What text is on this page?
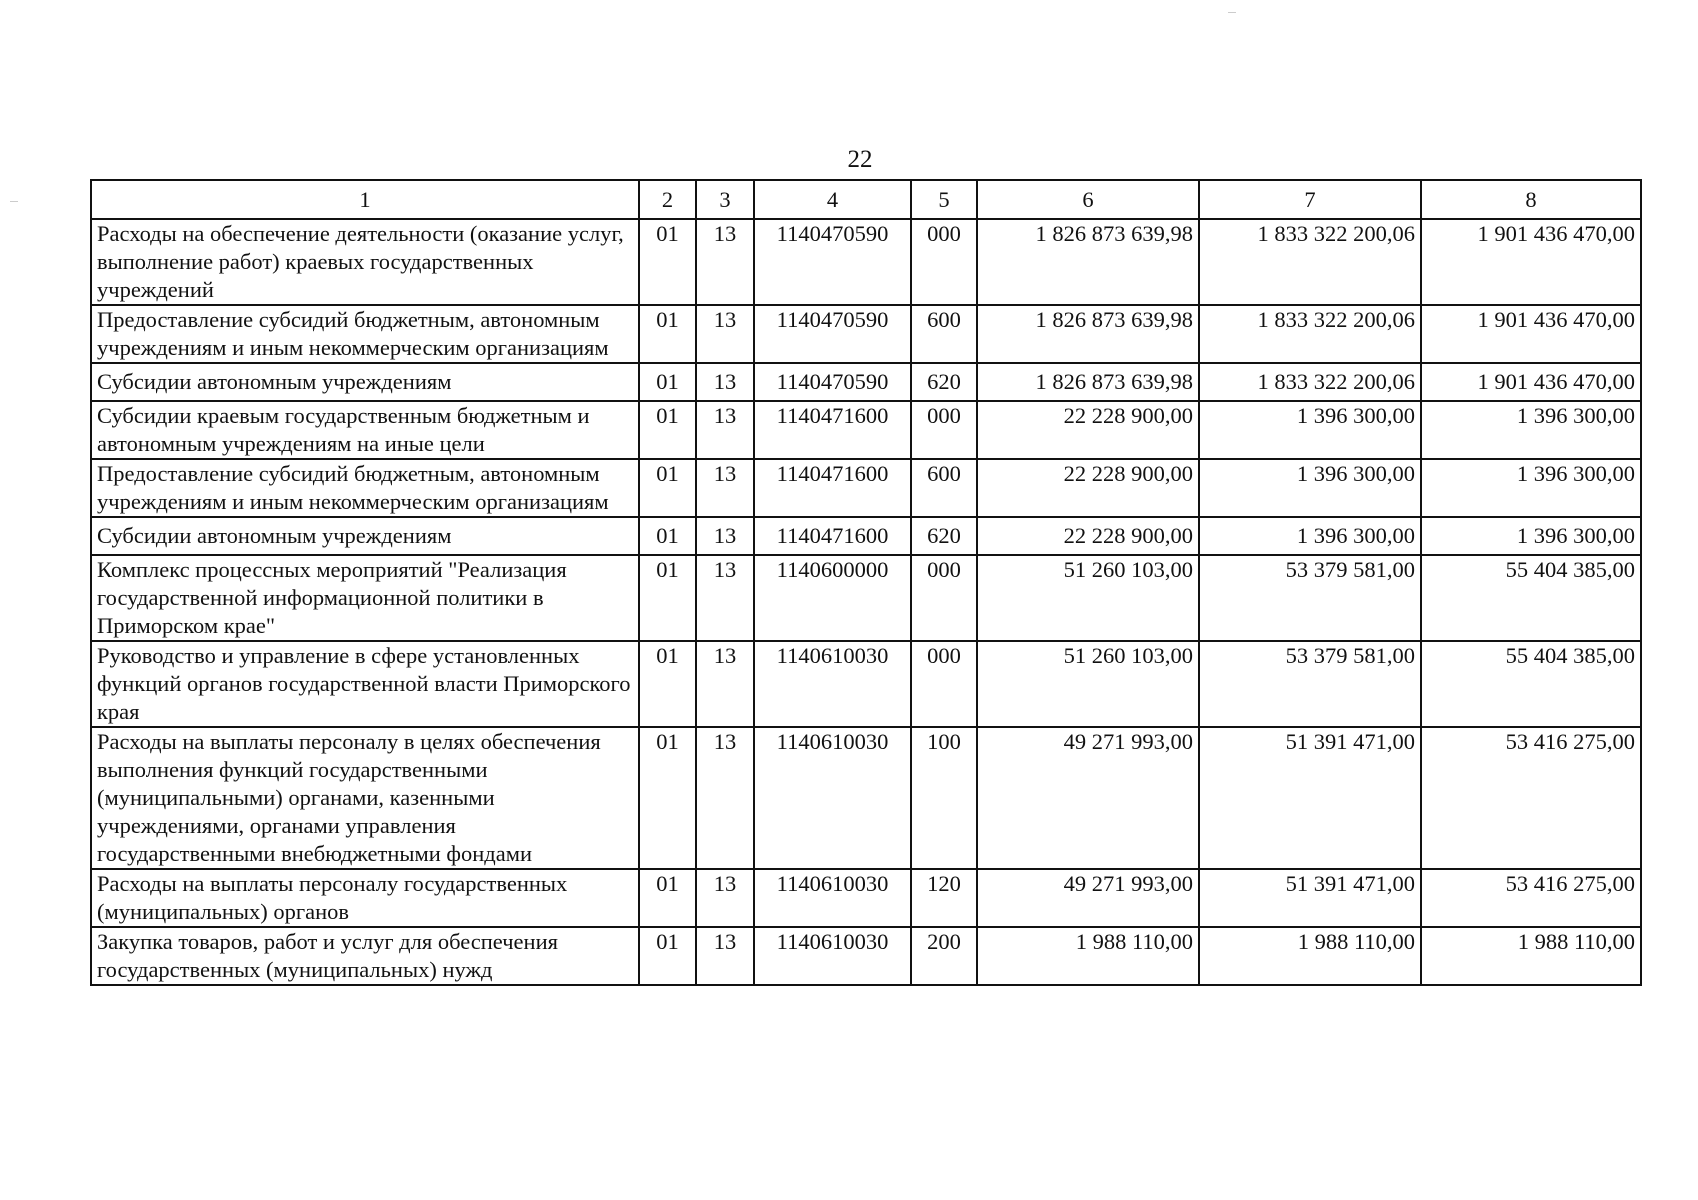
22
1	2	3	4	5	6	7	8
Расходы на обеспечение деятельности (оказание услуг, выполнение работ) краевых государственных учреждений	01	13	1140470590	000	1 826 873 639,98	1 833 322 200,06	1 901 436 470,00
Предоставление субсидий бюджетным, автономным учреждениям и иным некоммерческим организациям	01	13	1140470590	600	1 826 873 639,98	1 833 322 200,06	1 901 436 470,00
Субсидии автономным учреждениям	01	13	1140470590	620	1 826 873 639,98	1 833 322 200,06	1 901 436 470,00
Субсидии краевым государственным бюджетным и автономным учреждениям на иные цели	01	13	1140471600	000	22 228 900,00	1 396 300,00	1 396 300,00
Предоставление субсидий бюджетным, автономным учреждениям и иным некоммерческим организациям	01	13	1140471600	600	22 228 900,00	1 396 300,00	1 396 300,00
Субсидии автономным учреждениям	01	13	1140471600	620	22 228 900,00	1 396 300,00	1 396 300,00
Комплекс процессных мероприятий "Реализация государственной информационной политики в Приморском крае"	01	13	1140600000	000	51 260 103,00	53 379 581,00	55 404 385,00
Руководство и управление в сфере установленных функций органов государственной власти Приморского края	01	13	1140610030	000	51 260 103,00	53 379 581,00	55 404 385,00
Расходы на выплаты персоналу в целях обеспечения выполнения функций государственными (муниципальными) органами, казенными учреждениями, органами управления государственными внебюджетными фондами	01	13	1140610030	100	49 271 993,00	51 391 471,00	53 416 275,00
Расходы на выплаты персоналу государственных (муниципальных) органов	01	13	1140610030	120	49 271 993,00	51 391 471,00	53 416 275,00
Закупка товаров, работ и услуг для обеспечения государственных (муниципальных) нужд	01	13	1140610030	200	1 988 110,00	1 988 110,00	1 988 110,00
